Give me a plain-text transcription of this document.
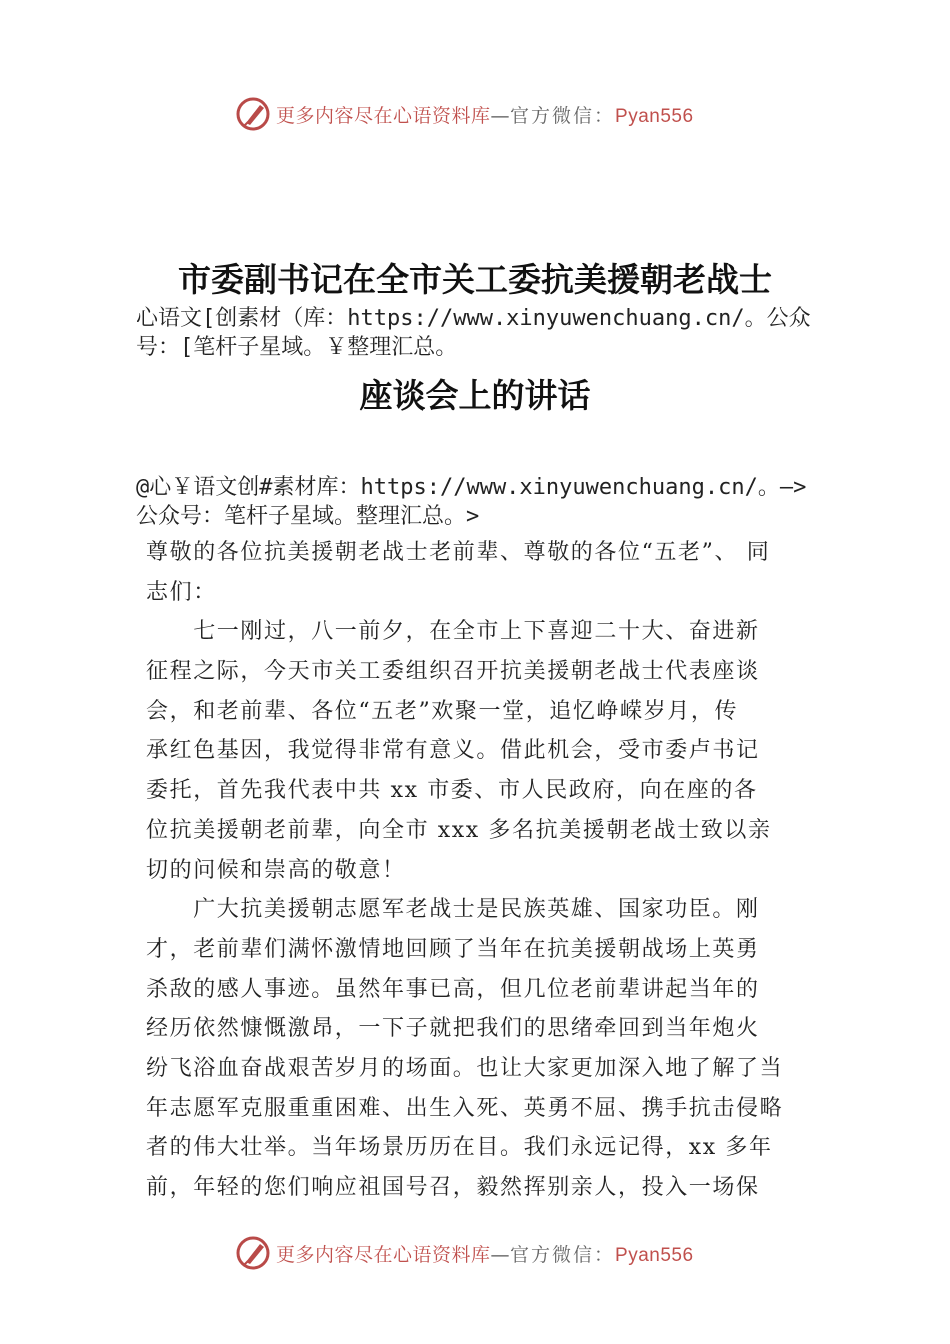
更多内容尽在心语资料库—官方微信：Pyan556
市委副书记在全市关工委抗美援朝老战士
心语文[创素材（库：https://www.xinyuwenchuang.cn/。公众
号：[笔杆子星域。￥整理汇总。
座谈会上的讲话
@心￥语文创#素材库：https://www.xinyuwenchuang.cn/。—>
公众号：笔杆子星域。整理汇总。>
尊敬的各位抗美援朝老战士老前辈、尊敬的各位“五老”、 同
志们：
　　七一刚过，八一前夕，在全市上下喜迎二十大、奋进新
征程之际，今天市关工委组织召开抗美援朝老战士代表座谈
会，和老前辈、各位“五老”欢聚一堂，追忆峥嵘岁月，传
承红色基因，我觉得非常有意义。借此机会，受市委卢书记
委托，首先我代表中共 xx 市委、市人民政府，向在座的各
位抗美援朝老前辈，向全市 xxx 多名抗美援朝老战士致以亲
切的问候和崇高的敬意！
　　广大抗美援朝志愿军老战士是民族英雄、国家功臣。刚
才，老前辈们满怀激情地回顾了当年在抗美援朝战场上英勇
杀敌的感人事迹。虽然年事已高，但几位老前辈讲起当年的
经历依然慷慨激昂，一下子就把我们的思绪牵回到当年炮火
纷飞浴血奋战艰苦岁月的场面。也让大家更加深入地了解了当
年志愿军克服重重困难、出生入死、英勇不屈、携手抗击侵略
者的伟大壮举。当年场景历历在目。我们永远记得，xx 多年
前，年轻的您们响应祖国号召，毅然挥别亲人，投入一场保
更多内容尽在心语资料库—官方微信：Pyan556
